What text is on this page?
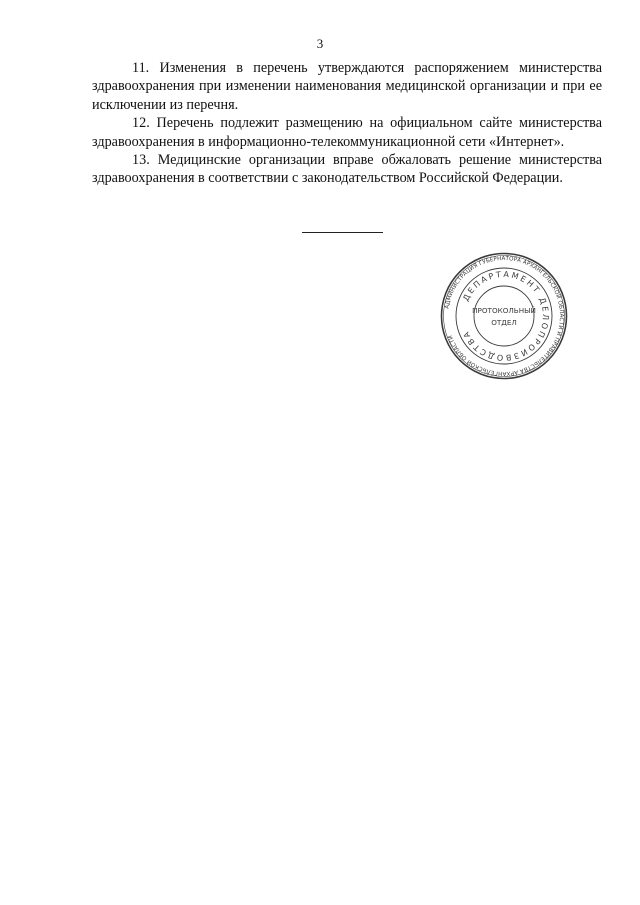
3

11. Изменения в перечень утверждаются распоряжением министерства здравоохранения при изменении наименования медицинской организации и при ее исключении из перечня.

12. Перечень подлежит размещению на официальном сайте министерства здравоохранения в информационно-телекоммуникационной сети «Интернет».

13. Медицинские организации вправе обжаловать решение министерства здравоохранения в соответствии с законодательством Российской Федерации.

АДМИНИСТРАЦИЯ ГУБЕРНАТОРА АРХАНГЕЛЬСКОЙ ОБЛАСТИ И ПРАВИТЕЛЬСТВА АРХАНГЕЛЬСКОЙ ОБЛАСТИ
ДЕПАРТАМЕНТ ДЕЛОПРОИЗВОДСТВА
ПРОТОКОЛЬНЫЙ
ОТДЕЛ
